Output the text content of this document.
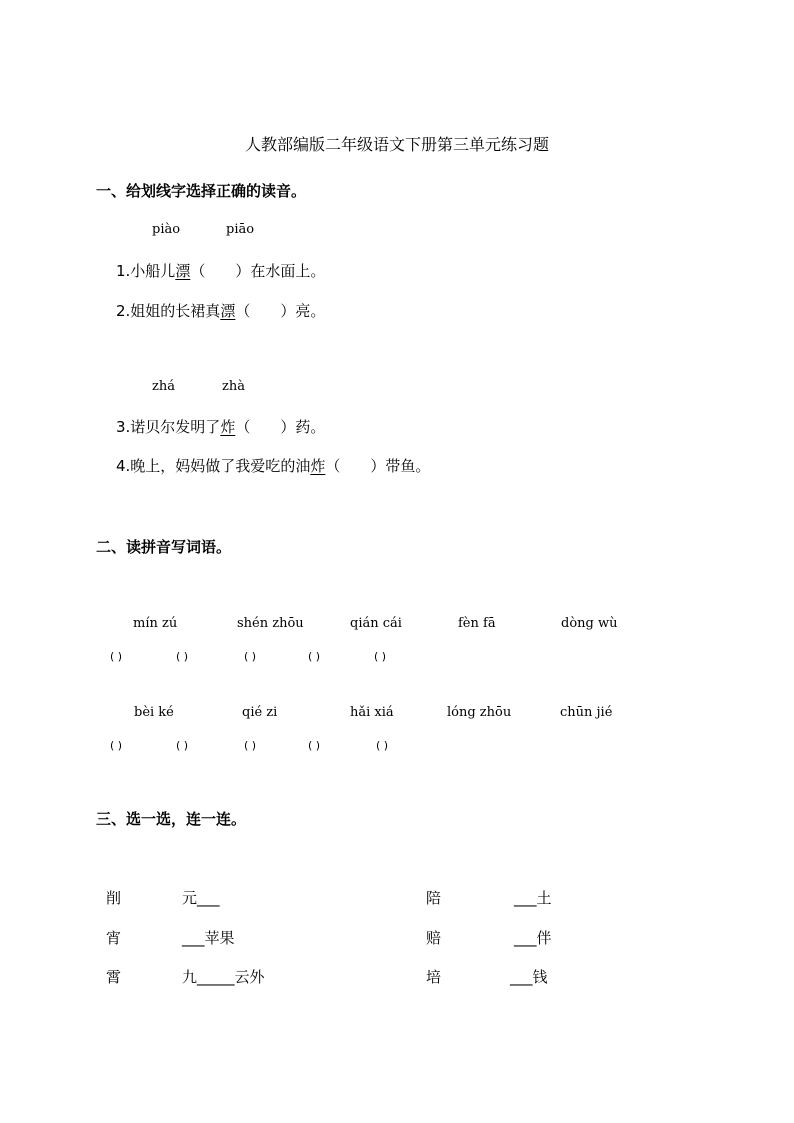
人教部编版二年级语文下册第三单元练习题
一、给划线字选择正确的读音。
piào	piāo
1.小船儿漂（　　）在水面上。
2.姐姐的长裙真漂（　　）亮。
zhá	zhà
3.诺贝尔发明了炸（　　）药。
4.晚上，妈妈做了我爱吃的油炸（　　）带鱼。
二、读拼音写词语。
mín zú	shén zhōu	qián cái	fèn fā	dòng wù
( )	( )	( )	( )	( )
bèi ké	qié zi	hǎi xiá	lóng zhōu	chūn jié
( )	( )	( )	( )	( )
三、选一选，连一连。
削	元___	陪	___土
宵	___苹果	赔	___伴
霄	九_____云外	培	___钱
